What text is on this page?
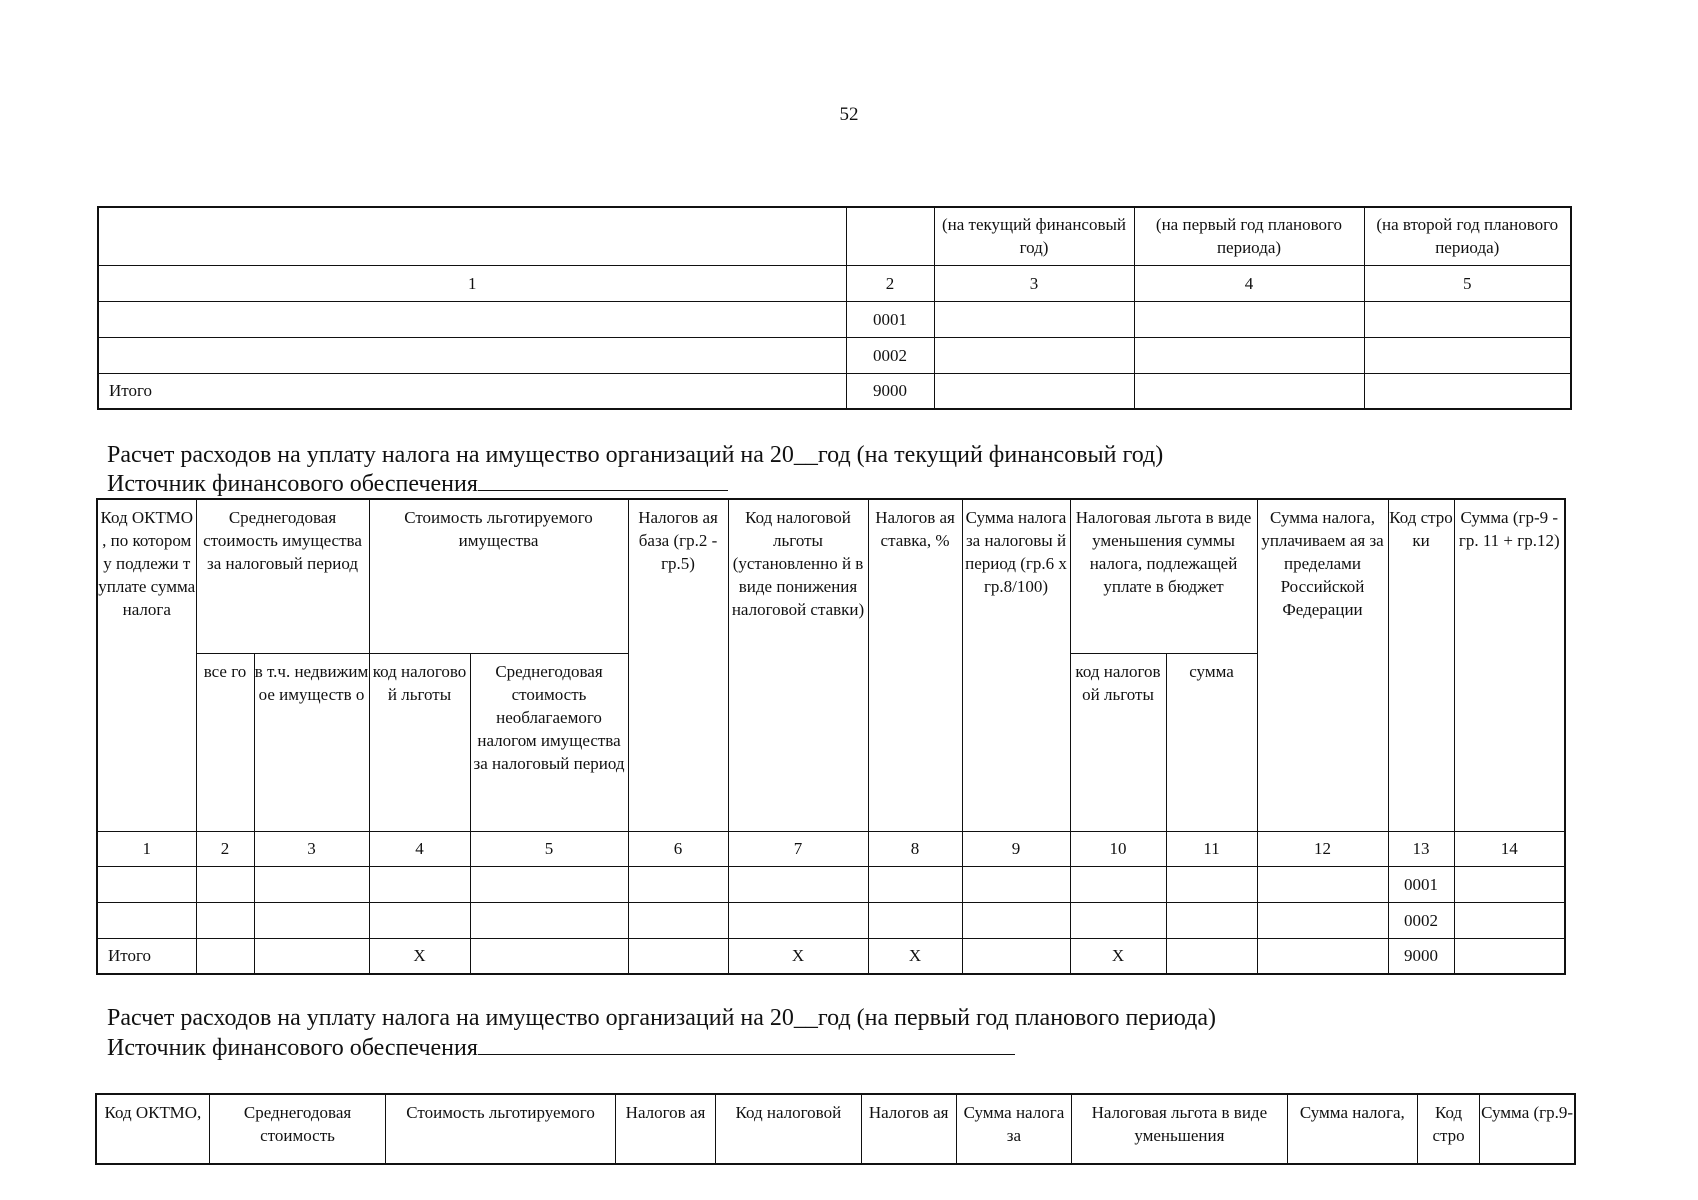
52
		(на текущий финансовый год)	(на первый год планового периода)	(на второй год планового периода)
1	2	3	4	5
	0001			
	0002			
Итого	9000			
Расчет расходов на уплату налога на имущество организаций на 20__год (на текущий финансовый год)
Источник финансового обеспечения
Код ОКТМО , по котором у подлежи т уплате сумма налога	Среднегодовая стоимость имущества за налоговый период		Стоимость льготируемого имущества		Налогов ая база (гр.2 - гр.5)	Код налоговой льготы (установленно й в виде понижения налоговой ставки)	Налогов ая ставка, %	Сумма налога за налоговы й период (гр.6 х гр.8/100)	Налоговая льгота в виде уменьшения суммы налога, подлежащей уплате в бюджет		Сумма налога, уплачиваем ая за пределами Российской Федерации	Код стро ки	Сумма (гр-9 - гр. 11 + гр.12)
	все го	в т.ч. недвижим ое имуществ о	код налогово й льготы	Среднегодовая стоимость необлагаемого налогом имущества за налоговый период					код налогов ой льготы	сумма			
1	2	3	4	5	6	7	8	9	10	11	12	13	14
												0001	
												0002	
Итого			Х			Х	Х		Х			9000	
Расчет расходов на уплату налога на имущество организаций на 20__год (на первый год планового периода)
Источник финансового обеспечения
Код ОКТМО,	Среднегодовая стоимость	Стоимость льготируемого	Налогов ая	Код налоговой	Налогов ая	Сумма налога за	Налоговая льгота в виде уменьшения	Сумма налога,	Код стро	Сумма (гр.9-
